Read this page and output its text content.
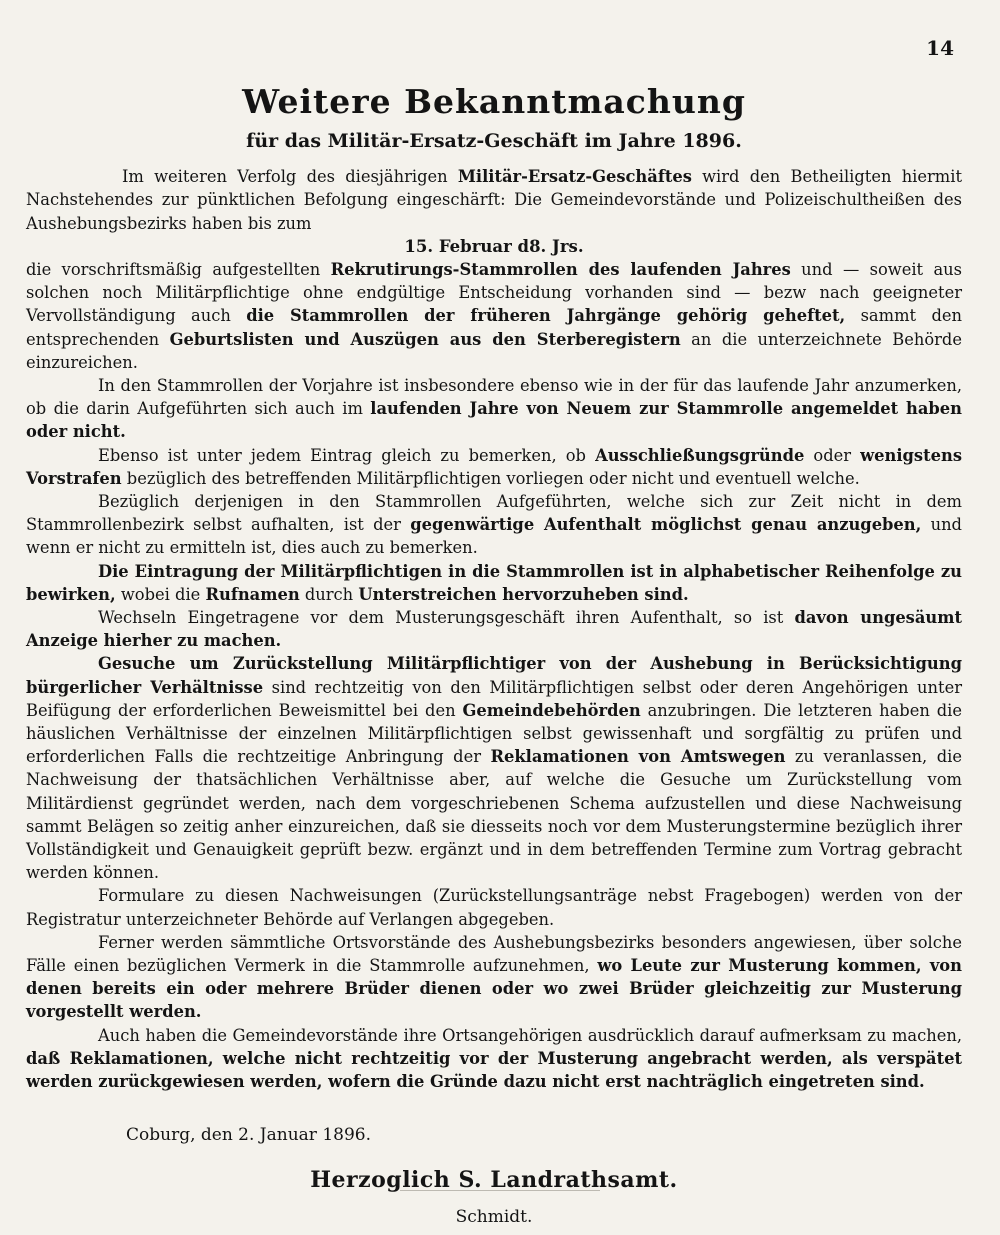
14
Weitere Bekanntmachung
für das Militär-Ersatz-Geschäft im Jahre 1896.

Im weiteren Verfolg des diesjährigen Militär-Ersatz-Geschäftes wird den Betheiligten hiermit Nachstehendes zur pünktlichen Befolgung eingeschärft: Die Gemeindevorstände und Polizeischultheißen des Aushebungsbezirks haben bis zum

15. Februar d8. Jrs.

die vorschriftsmäßig aufgestellten Rekrutirungs-Stammrollen des laufenden Jahres und — soweit aus solchen noch Militärpflichtige ohne endgültige Entscheidung vorhanden sind — bezw nach geeigneter Vervollständigung auch die Stammrollen der früheren Jahrgänge gehörig geheftet, sammt den entsprechenden Geburtslisten und Auszügen aus den Sterberegistern an die unterzeichnete Behörde einzureichen.

In den Stammrollen der Vorjahre ist insbesondere ebenso wie in der für das laufende Jahr anzumerken, ob die darin Aufgeführten sich auch im laufenden Jahre von Neuem zur Stammrolle angemeldet haben oder nicht.

Ebenso ist unter jedem Eintrag gleich zu bemerken, ob Ausschließungsgründe oder wenigstens Vorstrafen bezüglich des betreffenden Militärpflichtigen vorliegen oder nicht und eventuell welche.

Bezüglich derjenigen in den Stammrollen Aufgeführten, welche sich zur Zeit nicht in dem Stammrollenbezirk selbst aufhalten, ist der gegenwärtige Aufenthalt möglichst genau anzugeben, und wenn er nicht zu ermitteln ist, dies auch zu bemerken.

Die Eintragung der Militärpflichtigen in die Stammrollen ist in alphabetischer Reihenfolge zu bewirken, wobei die Rufnamen durch Unterstreichen hervorzuheben sind.

Wechseln Eingetragene vor dem Musterungsgeschäft ihren Aufenthalt, so ist davon ungesäumt Anzeige hierher zu machen.

Gesuche um Zurückstellung Militärpflichtiger von der Aushebung in Berücksichtigung bürgerlicher Verhältnisse sind rechtzeitig von den Militärpflichtigen selbst oder deren Angehörigen unter Beifügung der erforderlichen Beweismittel bei den Gemeindebehörden anzubringen. Die letzteren haben die häuslichen Verhältnisse der einzelnen Militärpflichtigen selbst gewissenhaft und sorgfältig zu prüfen und erforderlichen Falls die rechtzeitige Anbringung der Reklamationen von Amtswegen zu veranlassen, die Nachweisung der thatsächlichen Verhältnisse aber, auf welche die Gesuche um Zurückstellung vom Militärdienst gegründet werden, nach dem vorgeschriebenen Schema aufzustellen und diese Nachweisung sammt Belägen so zeitig anher einzureichen, daß sie diesseits noch vor dem Musterungstermine bezüglich ihrer Vollständigkeit und Genauigkeit geprüft bezw. ergänzt und in dem betreffenden Termine zum Vortrag gebracht werden können.

Formulare zu diesen Nachweisungen (Zurückstellungsanträge nebst Fragebogen) werden von der Registratur unterzeichneter Behörde auf Verlangen abgegeben.

Ferner werden sämmtliche Ortsvorstände des Aushebungsbezirks besonders angewiesen, über solche Fälle einen bezüglichen Vermerk in die Stammrolle aufzunehmen, wo Leute zur Musterung kommen, von denen bereits ein oder mehrere Brüder dienen oder wo zwei Brüder gleichzeitig zur Musterung vorgestellt werden.

Auch haben die Gemeindevorstände ihre Ortsangehörigen ausdrücklich darauf aufmerksam zu machen, daß Reklamationen, welche nicht rechtzeitig vor der Musterung angebracht werden, als verspätet werden zurückgewiesen werden, wofern die Gründe dazu nicht erst nachträglich eingetreten sind.

Coburg, den 2. Januar 1896.
Herzoglich S. Landrathsamt.
Schmidt.
